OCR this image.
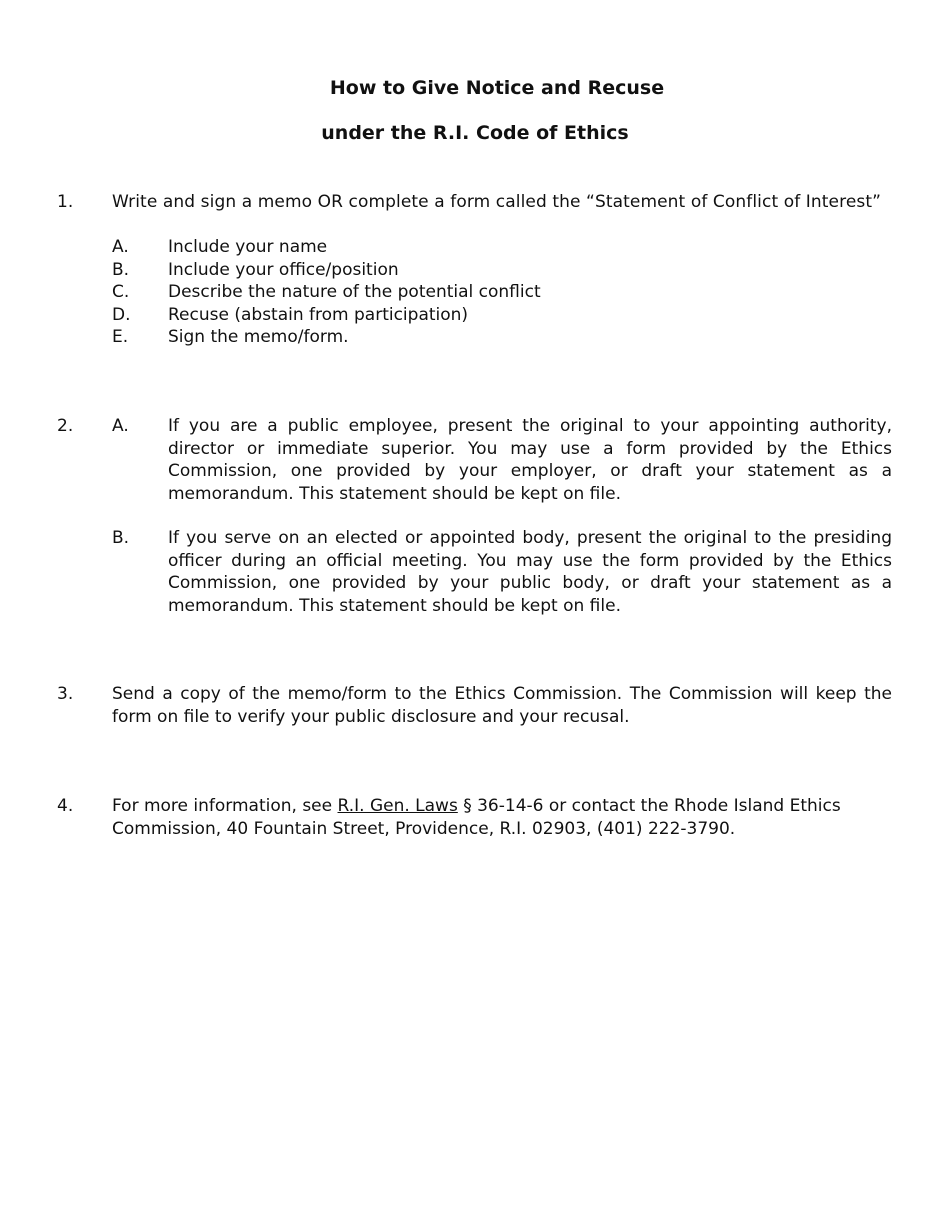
How to Give Notice and Recuse
under the R.I. Code of Ethics
1. Write and sign a memo OR complete a form called the “Statement of Conflict of Interest”
A. Include your name
B. Include your office/position
C. Describe the nature of the potential conflict
D. Recuse (abstain from participation)
E. Sign the memo/form.
2. A. If you are a public employee, present the original to your appointing authority, director or immediate superior. You may use a form provided by the Ethics Commission, one provided by your employer, or draft your statement as a memorandum. This statement should be kept on file.
B. If you serve on an elected or appointed body, present the original to the presiding officer during an official meeting. You may use the form provided by the Ethics Commission, one provided by your public body, or draft your statement as a memorandum. This statement should be kept on file.
3. Send a copy of the memo/form to the Ethics Commission. The Commission will keep the form on file to verify your public disclosure and your recusal.
4. For more information, see R.I. Gen. Laws § 36-14-6 or contact the Rhode Island Ethics Commission, 40 Fountain Street, Providence, R.I. 02903, (401) 222-3790.
